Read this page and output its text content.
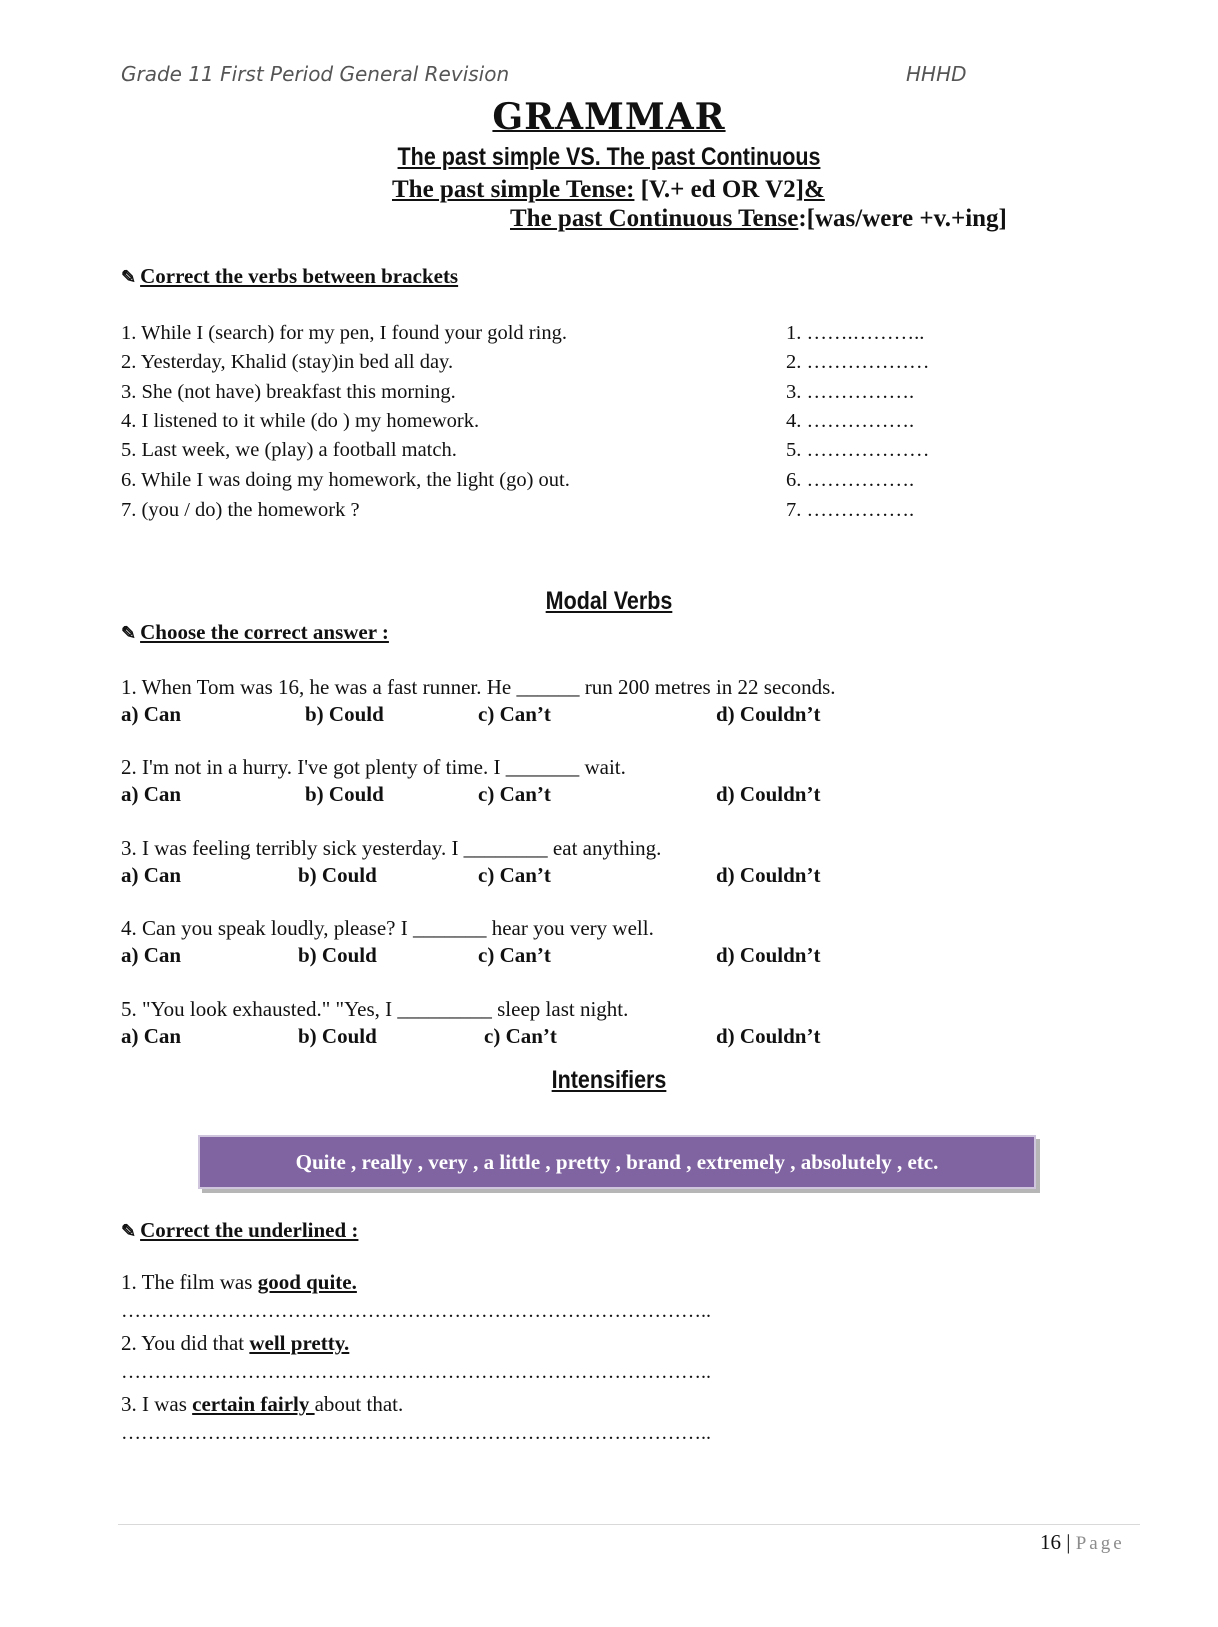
Grade 11 First Period General Revision	HHHD
GRAMMAR
The past simple VS. The past Continuous
The past simple Tense: [V.+ ed OR V2]&
The past Continuous Tense:[was/were +v.+ing]
✎ Correct the verbs between brackets
1. While I (search) for my pen, I found your gold ring.	1. …….………..
2. Yesterday, Khalid (stay)in bed all day.	2. ………………
3. She (not have) breakfast this morning.	3. …………….
4. I listened to it while (do ) my homework.	4. …………….
5. Last week, we (play) a football match.	5. ………………
6. While I was doing my homework, the light (go) out.	6. …………….
7. (you / do) the homework ?	7. …………….
Modal Verbs
✎ Choose the correct answer :
1. When Tom was 16, he was a fast runner. He ______ run 200 metres in 22 seconds.
a) Can	b) Could	c) Can’t	d) Couldn’t
2. I'm not in a hurry. I've got plenty of time. I _______ wait.
a) Can	b) Could	c) Can’t	d) Couldn’t
3. I was feeling terribly sick yesterday. I ________ eat anything.
a) Can	b) Could	c) Can’t	d) Couldn’t
4. Can you speak loudly, please? I _______ hear you very well.
a) Can	b) Could	c) Can’t	d) Couldn’t
5. "You look exhausted." "Yes, I _________ sleep last night.
a) Can	b) Could	c) Can’t	d) Couldn’t
Intensifiers
Quite , really , very , a little , pretty , brand , extremely , absolutely , etc.
✎ Correct the underlined :
1. The film was good quite.
……………………………………………………………………………..
2. You did that well pretty.
……………………………………………………………………………..
3. I was certain fairly about that.
……………………………………………………………………………..
16 | Page
